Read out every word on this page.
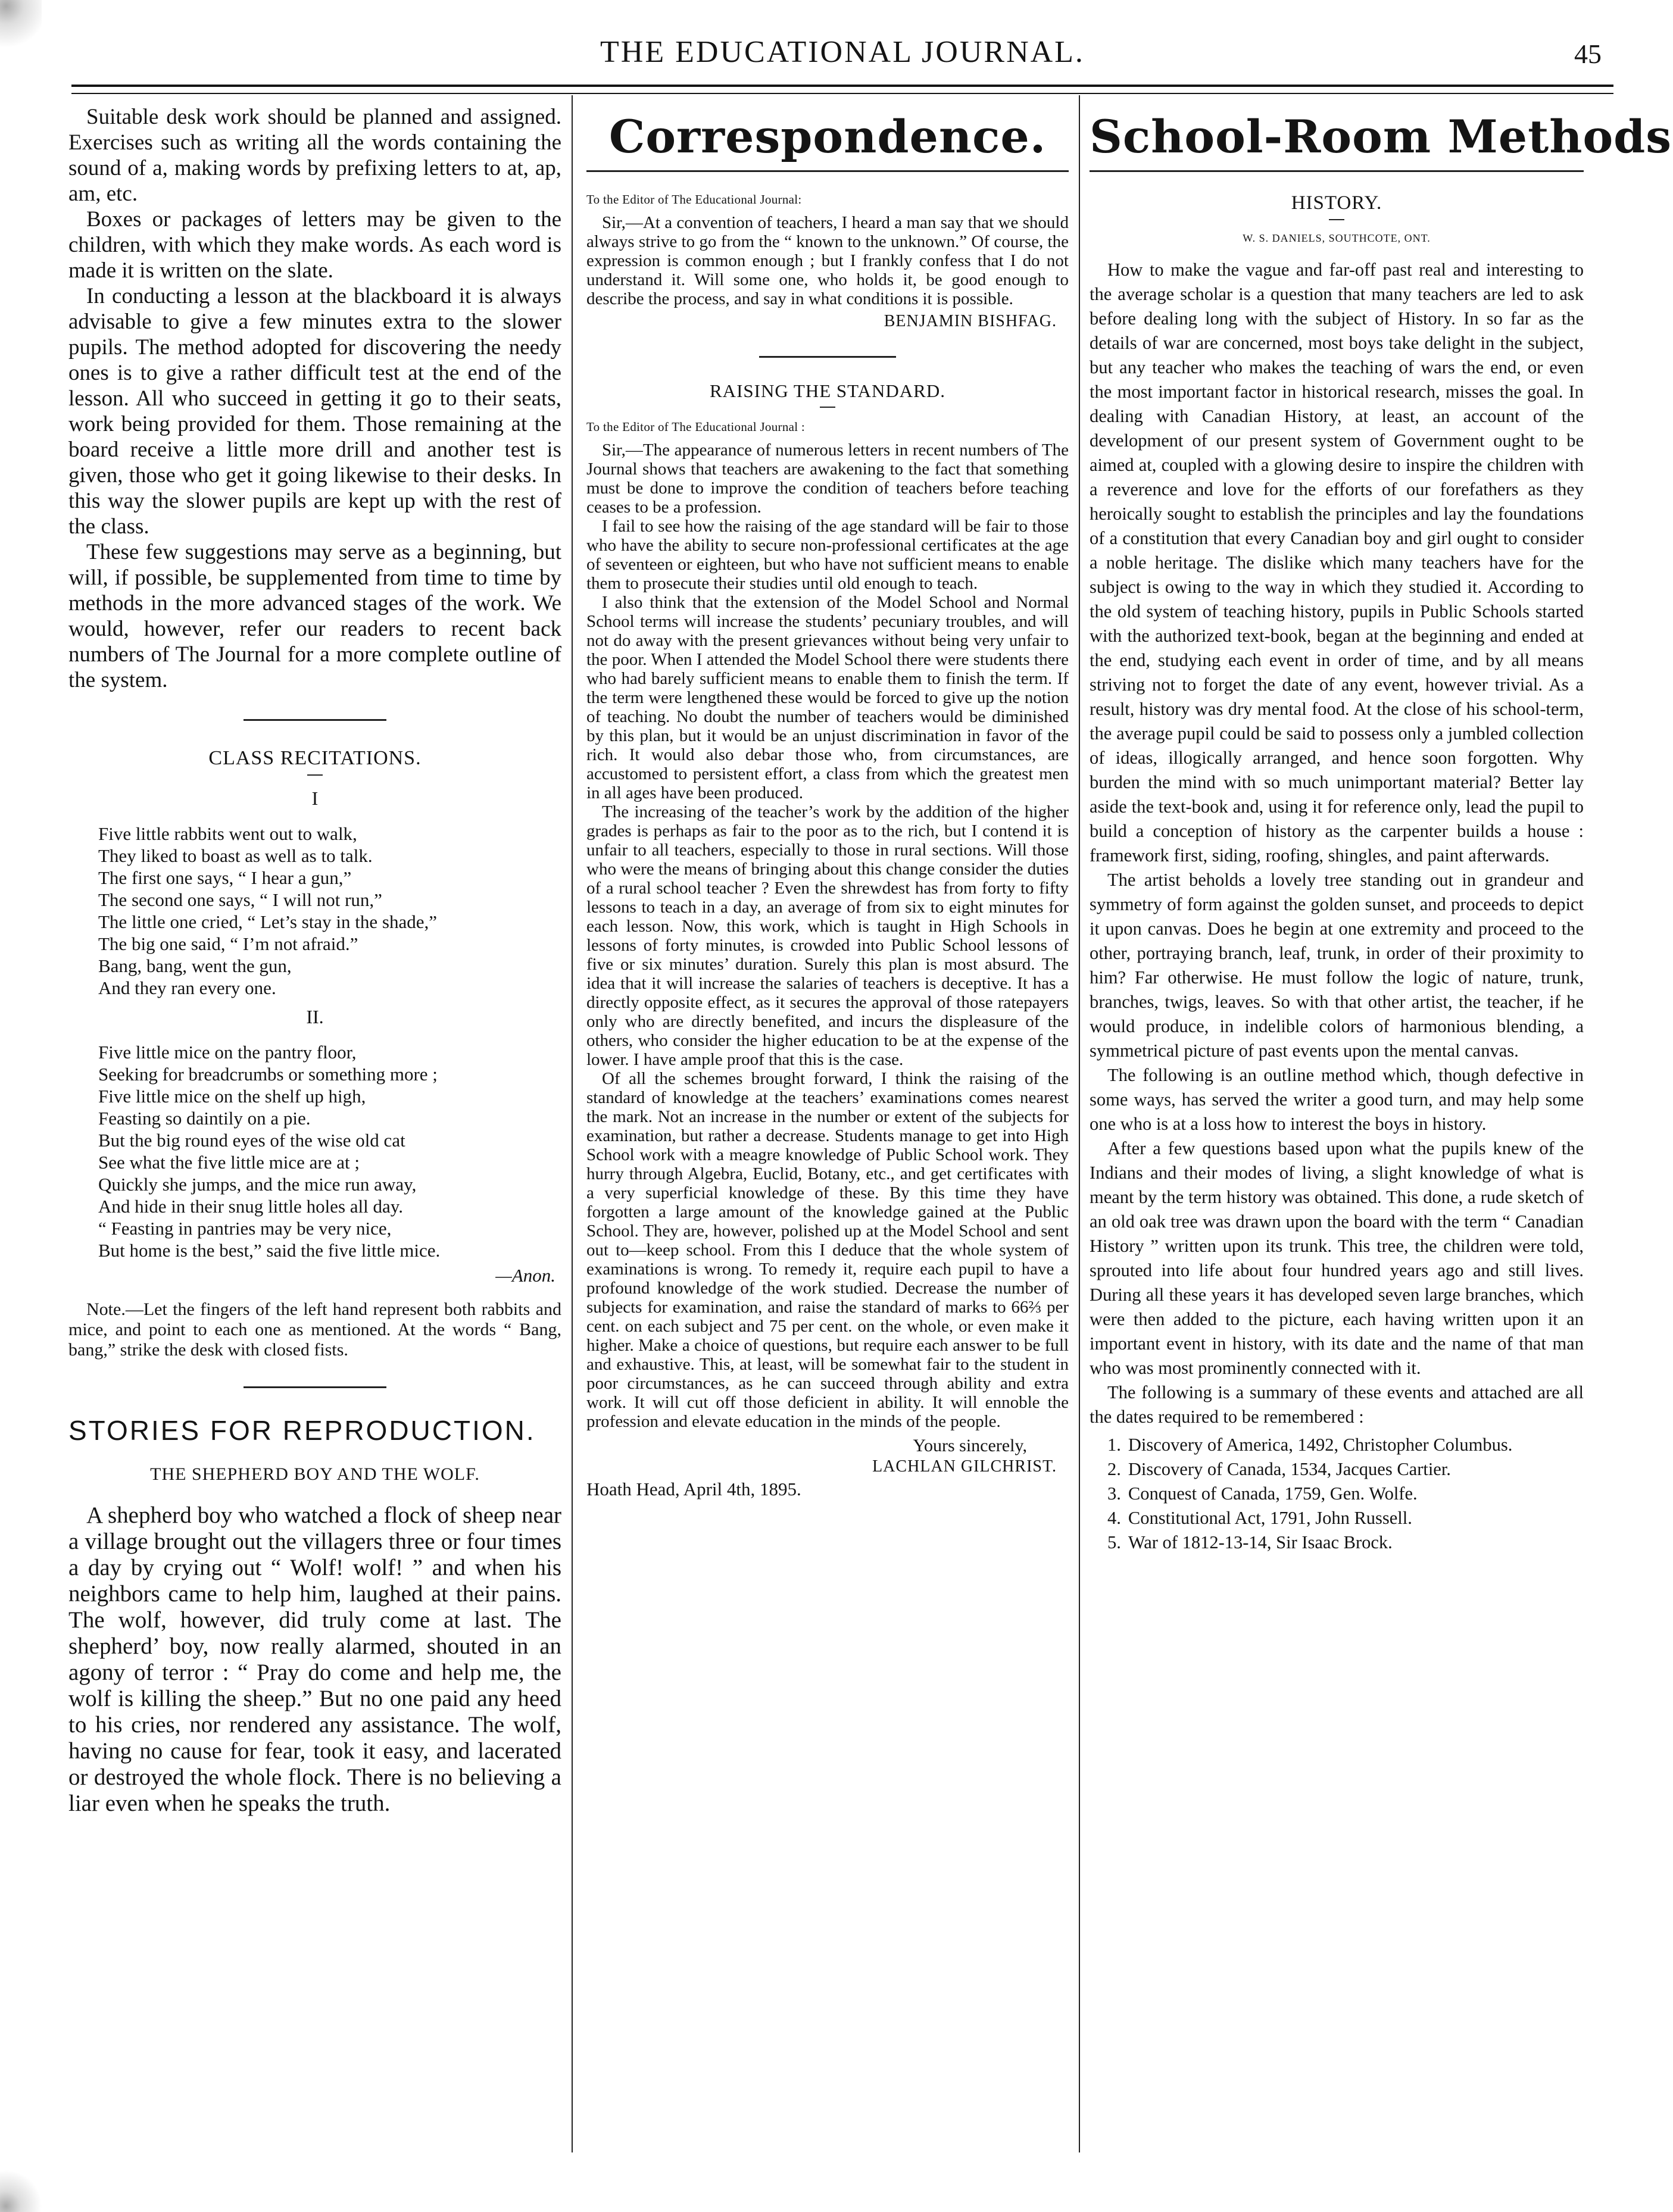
THE EDUCATIONAL JOURNAL.	45

Suitable desk work should be planned and assigned. Exercises such as writing all the words containing the sound of a, making words by prefixing letters to at, ap, am, etc.

Boxes or packages of letters may be given to the children, with which they make words. As each word is made it is written on the slate.

In conducting a lesson at the blackboard it is always advisable to give a few minutes extra to the slower pupils. The method adopted for discovering the needy ones is to give a rather difficult test at the end of the lesson. All who succeed in getting it go to their seats, work being provided for them. Those remaining at the board receive a little more drill and another test is given, those who get it going likewise to their desks. In this way the slower pupils are kept up with the rest of the class.

These few suggestions may serve as a beginning, but will, if possible, be supplemented from time to time by methods in the more advanced stages of the work. We would, however, refer our readers to recent back numbers of The Journal for a more complete outline of the system.

CLASS RECITATIONS.
I
Five little rabbits went out to walk,
They liked to boast as well as to talk.
The first one says, “ I hear a gun,”
The second one says, “ I will not run,”
The little one cried, “ Let’s stay in the shade,”
The big one said, “ I’m not afraid.”
Bang, bang, went the gun,
And they ran every one.
II.
Five little mice on the pantry floor,
Seeking for breadcrumbs or something more ;
Five little mice on the shelf up high,
Feasting so daintily on a pie.
But the big round eyes of the wise old cat
See what the five little mice are at ;
Quickly she jumps, and the mice run away,
And hide in their snug little holes all day.
“ Feasting in pantries may be very nice,
But home is the best,” said the five little mice.
—Anon.
Note.—Let the fingers of the left hand represent both rabbits and mice, and point to each one as mentioned. At the words “ Bang, bang,” strike the desk with closed fists.
STORIES FOR REPRODUCTION.
THE SHEPHERD BOY AND THE WOLF.

A shepherd boy who watched a flock of sheep near a village brought out the villagers three or four times a day by crying out “ Wolf! wolf! ” and when his neighbors came to help him, laughed at their pains. The wolf, however, did truly come at last. The shepherd’ boy, now really alarmed, shouted in an agony of terror : “ Pray do come and help me, the wolf is killing the sheep.” But no one paid any heed to his cries, nor rendered any assistance. The wolf, having no cause for fear, took it easy, and lacerated or destroyed the whole flock. There is no believing a liar even when he speaks the truth.

Correspondence.
To the Editor of The Educational Journal:

Sir,—At a convention of teachers, I heard a man say that we should always strive to go from the “ known to the unknown.” Of course, the expression is common enough ; but I frankly confess that I do not understand it. Will some one, who holds it, be good enough to describe the process, and say in what conditions it is possible.

BENJAMIN BISHFAG.
RAISING THE STANDARD.
To the Editor of The Educational Journal :

Sir,—The appearance of numerous letters in recent numbers of The Journal shows that teachers are awakening to the fact that something must be done to improve the condition of teachers before teaching ceases to be a profession.

I fail to see how the raising of the age standard will be fair to those who have the ability to secure non-professional certificates at the age of seventeen or eighteen, but who have not sufficient means to enable them to prosecute their studies until old enough to teach.

I also think that the extension of the Model School and Normal School terms will increase the students’ pecuniary troubles, and will not do away with the present grievances without being very unfair to the poor. When I attended the Model School there were students there who had barely sufficient means to enable them to finish the term. If the term were lengthened these would be forced to give up the notion of teaching. No doubt the number of teachers would be diminished by this plan, but it would be an unjust discrimination in favor of the rich. It would also debar those who, from circumstances, are accustomed to persistent effort, a class from which the greatest men in all ages have been produced.

The increasing of the teacher’s work by the addition of the higher grades is perhaps as fair to the poor as to the rich, but I contend it is unfair to all teachers, especially to those in rural sections. Will those who were the means of bringing about this change consider the duties of a rural school teacher ? Even the shrewdest has from forty to fifty lessons to teach in a day, an average of from six to eight minutes for each lesson. Now, this work, which is taught in High Schools in lessons of forty minutes, is crowded into Public School lessons of five or six minutes’ duration. Surely this plan is most absurd. The idea that it will increase the salaries of teachers is deceptive. It has a directly opposite effect, as it secures the approval of those ratepayers only who are directly benefited, and incurs the displeasure of the others, who consider the higher education to be at the expense of the lower. I have ample proof that this is the case.

Of all the schemes brought forward, I think the raising of the standard of knowledge at the teachers’ examinations comes nearest the mark. Not an increase in the number or extent of the subjects for examination, but rather a decrease. Students manage to get into High School work with a meagre knowledge of Public School work. They hurry through Algebra, Euclid, Botany, etc., and get certificates with a very superficial knowledge of these. By this time they have forgotten a large amount of the knowledge gained at the Public School. They are, however, polished up at the Model School and sent out to—keep school. From this I deduce that the whole system of examinations is wrong. To remedy it, require each pupil to have a profound knowledge of the work studied. Decrease the number of subjects for examination, and raise the standard of marks to 66⅔ per cent. on each subject and 75 per cent. on the whole, or even make it higher. Make a choice of questions, but require each answer to be full and exhaustive. This, at least, will be somewhat fair to the student in poor circumstances, as he can succeed through ability and extra work. It will cut off those deficient in ability. It will ennoble the profession and elevate education in the minds of the people.

Yours sincerely,
LACHLAN GILCHRIST.
Hoath Head, April 4th, 1895.
School-Room Methods
HISTORY.
W. S. DANIELS, SOUTHCOTE, ONT.

How to make the vague and far-off past real and interesting to the average scholar is a question that many teachers are led to ask before dealing long with the subject of History. In so far as the details of war are concerned, most boys take delight in the subject, but any teacher who makes the teaching of wars the end, or even the most important factor in historical research, misses the goal. In dealing with Canadian History, at least, an account of the development of our present system of Government ought to be aimed at, coupled with a glowing desire to inspire the children with a reverence and love for the efforts of our forefathers as they heroically sought to establish the principles and lay the foundations of a constitution that every Canadian boy and girl ought to consider a noble heritage. The dislike which many teachers have for the subject is owing to the way in which they studied it. According to the old system of teaching history, pupils in Public Schools started with the authorized text-book, began at the beginning and ended at the end, studying each event in order of time, and by all means striving not to forget the date of any event, however trivial. As a result, history was dry mental food. At the close of his school-term, the average pupil could be said to possess only a jumbled collection of ideas, illogically arranged, and hence soon forgotten. Why burden the mind with so much unimportant material? Better lay aside the text-book and, using it for reference only, lead the pupil to build a conception of history as the carpenter builds a house : framework first, siding, roofing, shingles, and paint afterwards.

The artist beholds a lovely tree standing out in grandeur and symmetry of form against the golden sunset, and proceeds to depict it upon canvas. Does he begin at one extremity and proceed to the other, portraying branch, leaf, trunk, in order of their proximity to him? Far otherwise. He must follow the logic of nature, trunk, branches, twigs, leaves. So with that other artist, the teacher, if he would produce, in indelible colors of harmonious blending, a symmetrical picture of past events upon the mental canvas.

The following is an outline method which, though defective in some ways, has served the writer a good turn, and may help some one who is at a loss how to interest the boys in history.

After a few questions based upon what the pupils knew of the Indians and their modes of living, a slight knowledge of what is meant by the term history was obtained. This done, a rude sketch of an old oak tree was drawn upon the board with the term “ Canadian History ” written upon its trunk. This tree, the children were told, sprouted into life about four hundred years ago and still lives. During all these years it has developed seven large branches, which were then added to the picture, each having written upon it an important event in history, with its date and the name of that man who was most prominently connected with it.

The following is a summary of these events and attached are all the dates required to be remembered :

1. Discovery of America, 1492, Christopher Columbus.
2. Discovery of Canada, 1534, Jacques Cartier.
3. Conquest of Canada, 1759, Gen. Wolfe.
4. Constitutional Act, 1791, John Russell.
5. War of 1812-13-14, Sir Isaac Brock.
